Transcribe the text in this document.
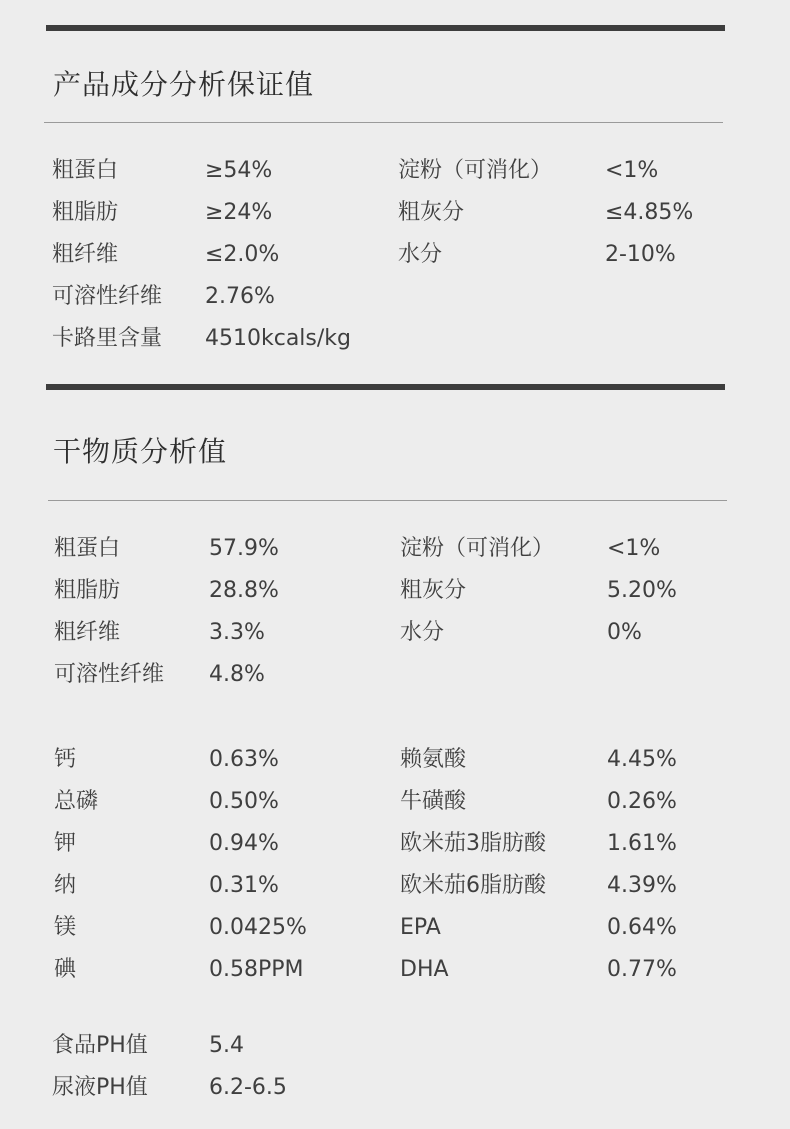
产品成分分析保证值
粗蛋白	≥54%	淀粉（可消化） <1%
粗脂肪	≥24%	粗灰分	≤4.85%
粗纤维	≤2.0%	水分	2-10%
可溶性纤维 2.76%
卡路里含量 4510kcals/kg
干物质分析值
粗蛋白	57.9%	淀粉（可消化） <1%
粗脂肪	28.8%	粗灰分	5.20%
粗纤维	3.3%	水分	0%
可溶性纤维 4.8%
钙	0.63%	赖氨酸	4.45%
总磷	0.50%	牛磺酸	0.26%
钾	0.94%	欧米茄3脂肪酸	1.61%
纳	0.31%	欧米茄6脂肪酸	4.39%
镁	0.0425%	EPA	0.64%
碘	0.58PPM	DHA	0.77%
食品PH值	5.4
尿液PH值	6.2-6.5
